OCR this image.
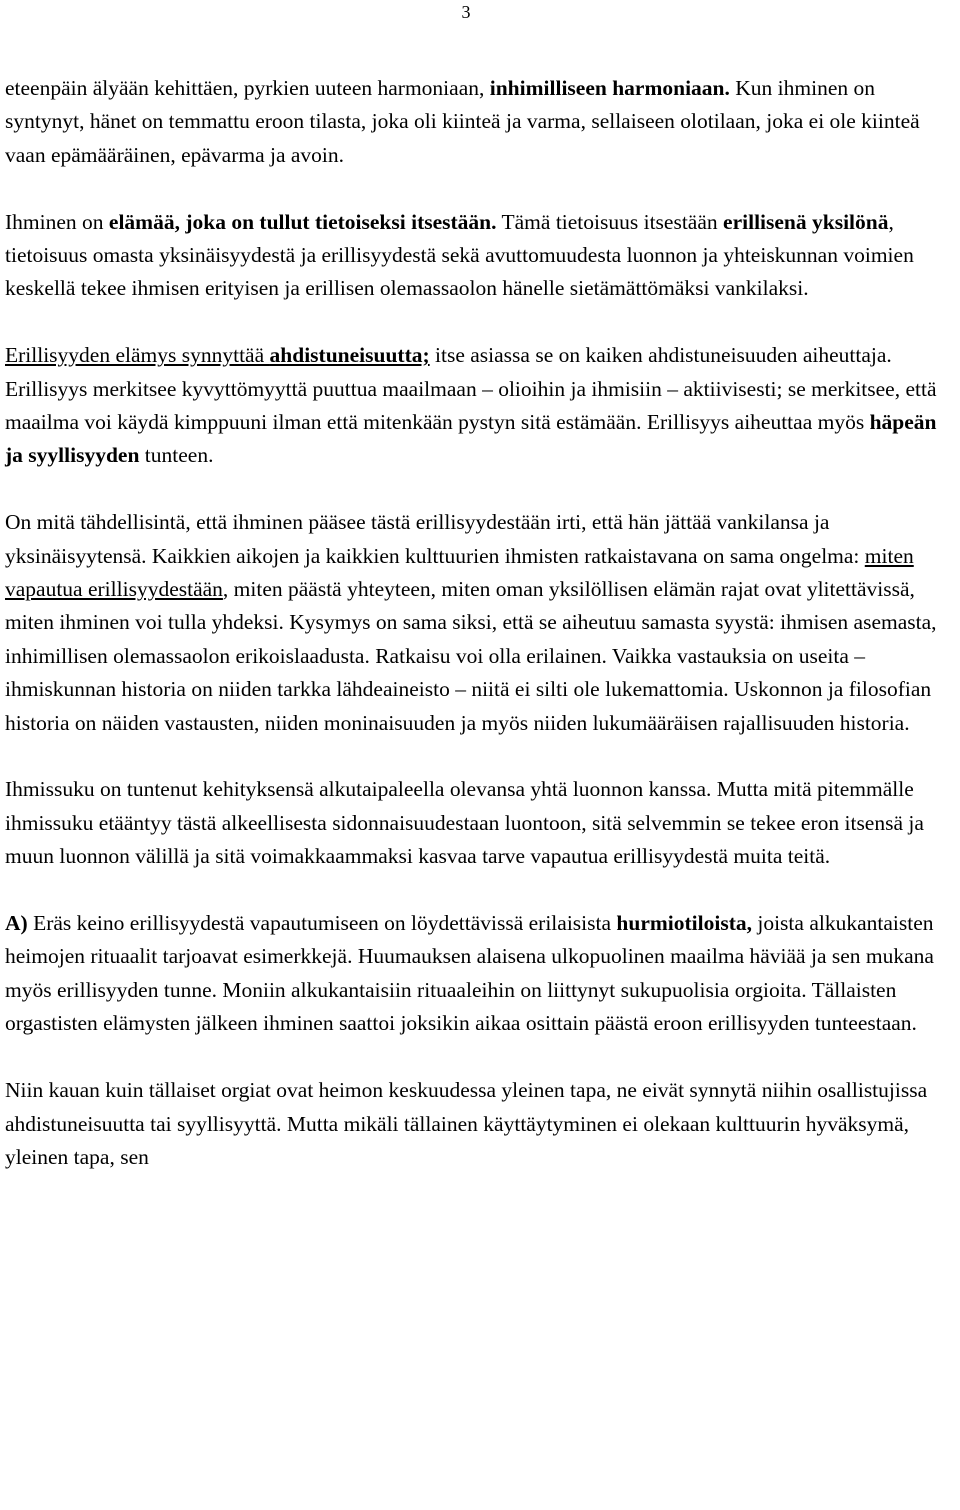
3

eteenpäin älyään kehittäen, pyrkien uuteen harmoniaan, inhimilliseen harmoniaan. Kun ihminen on syntynyt, hänet on temmattu eroon tilasta, joka oli kiinteä ja varma, sellaiseen olotilaan, joka ei ole kiinteä vaan epämääräinen, epävarma ja avoin.

Ihminen on elämää, joka on tullut tietoiseksi itsestään. Tämä tietoisuus itsestään erillisenä yksilönä, tietoisuus omasta yksinäisyydestä ja erillisyydestä sekä avuttomuudesta luonnon ja yhteiskunnan voimien keskellä tekee ihmisen erityisen ja erillisen olemassaolon hänelle sietämättömäksi vankilaksi.

Erillisyyden elämys synnyttää ahdistuneisuutta; itse asiassa se on kaiken ahdistuneisuuden aiheuttaja. Erillisyys merkitsee kyvyttömyyttä puuttua maailmaan – olioihin ja ihmisiin – aktiivisesti; se merkitsee, että maailma voi käydä kimppuuni ilman että mitenkään pystyn sitä estämään. Erillisyys aiheuttaa myös häpeän ja syyllisyyden tunteen.

On mitä tähdellisintä, että ihminen pääsee tästä erillisyydestään irti, että hän jättää vankilansa ja yksinäisyytensä. Kaikkien aikojen ja kaikkien kulttuurien ihmisten ratkaistavana on sama ongelma: miten vapautua erillisyydestään, miten päästä yhteyteen, miten oman yksilöllisen elämän rajat ovat ylitettävissä, miten ihminen voi tulla yhdeksi. Kysymys on sama siksi, että se aiheutuu samasta syystä: ihmisen asemasta, inhimillisen olemassaolon erikoislaadusta. Ratkaisu voi olla erilainen. Vaikka vastauksia on useita – ihmiskunnan historia on niiden tarkka lähdeaineisto – niitä ei silti ole lukemattomia. Uskonnon ja filosofian historia on näiden vastausten, niiden moninaisuuden ja myös niiden lukumääräisen rajallisuuden historia.

Ihmissuku on tuntenut kehityksensä alkutaipaleella olevansa yhtä luonnon kanssa. Mutta mitä pitemmälle ihmissuku etääntyy tästä alkeellisesta sidonnaisuudestaan luontoon, sitä selvemmin se tekee eron itsensä ja muun luonnon välillä ja sitä voimakkaammaksi kasvaa tarve vapautua erillisyydestä muita teitä.

A) Eräs keino erillisyydestä vapautumiseen on löydettävissä erilaisista hurmiotiloista, joista alkukantaisten heimojen rituaalit tarjoavat esimerkkejä. Huumauksen alaisena ulkopuolinen maailma häviää ja sen mukana myös erillisyyden tunne. Moniin alkukantaisiin rituaaleihin on liittynyt sukupuolisia orgioita. Tällaisten orgastisten elämysten jälkeen ihminen saattoi joksikin aikaa osittain päästä eroon erillisyyden tunteestaan.

Niin kauan kuin tällaiset orgiat ovat heimon keskuudessa yleinen tapa, ne eivät synnytä niihin osallistujissa ahdistuneisuutta tai syyllisyyttä. Mutta mikäli tällainen käyttäytyminen ei olekaan kulttuurin hyväksymä, yleinen tapa, sen
